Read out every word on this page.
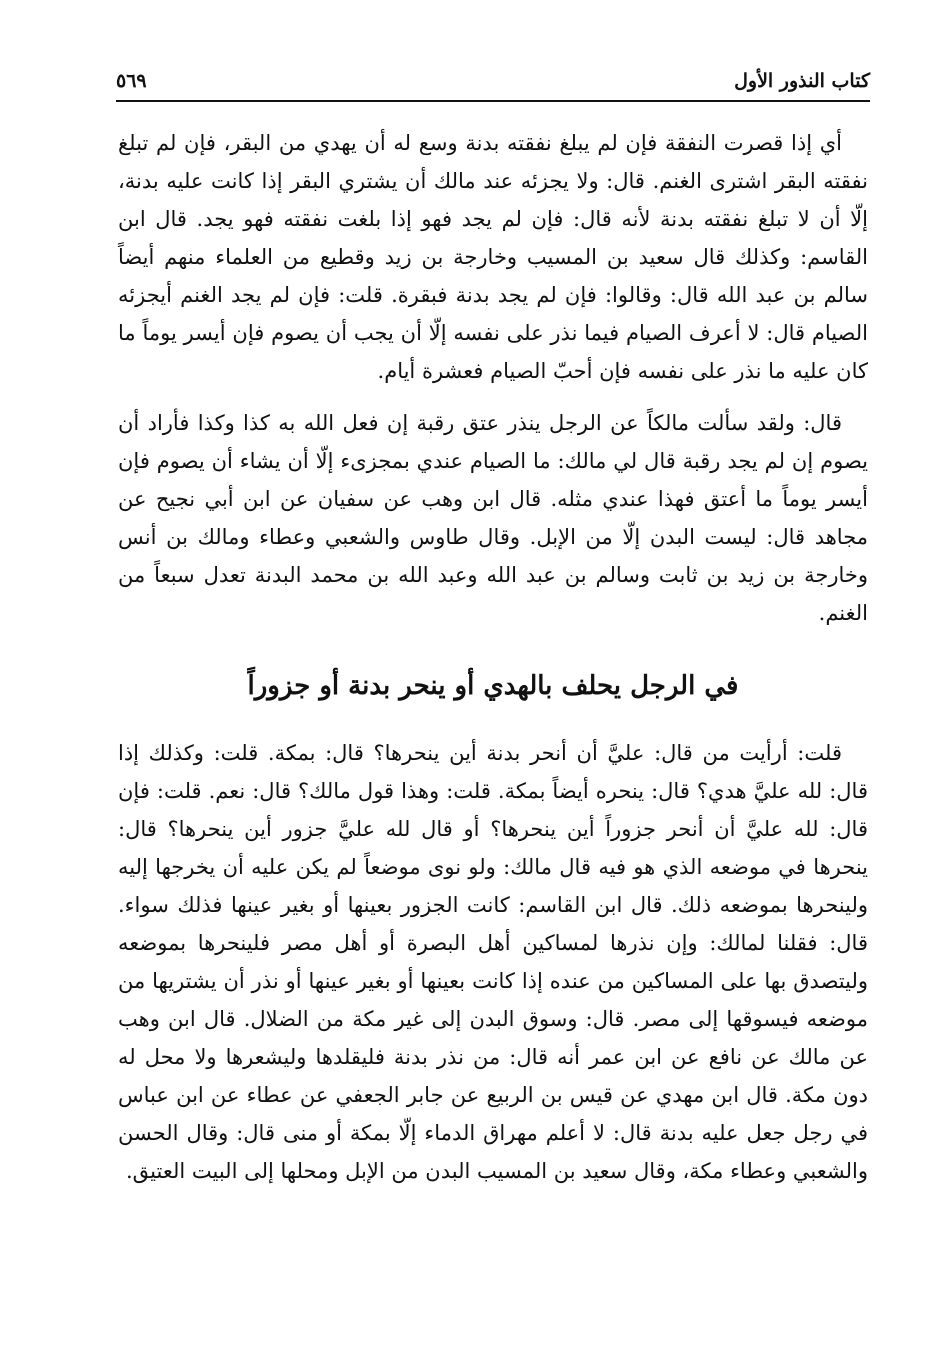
كتاب النذور الأول
٥٦٩

أي إذا قصرت النفقة فإن لم يبلغ نفقته بدنة وسع له أن يهدي من البقر، فإن لم تبلغ نفقته البقر اشترى الغنم. قال: ولا يجزئه عند مالك أن يشتري البقر إذا كانت عليه بدنة، إلّا أن لا تبلغ نفقته بدنة لأنه قال: فإن لم يجد فهو إذا بلغت نفقته فهو يجد. قال ابن القاسم: وكذلك قال سعيد بن المسيب وخارجة بن زيد وقطيع من العلماء منهم أيضاً سالم بن عبد الله قال: وقالوا: فإن لم يجد بدنة فبقرة. قلت: فإن لم يجد الغنم أيجزئه الصيام قال: لا أعرف الصيام فيما نذر على نفسه إلّا أن يجب أن يصوم فإن أيسر يوماً ما كان عليه ما نذر على نفسه فإن أحبّ الصيام فعشرة أيام.

قال: ولقد سألت مالكاً عن الرجل ينذر عتق رقبة إن فعل الله به كذا وكذا فأراد أن يصوم إن لم يجد رقبة قال لي مالك: ما الصيام عندي بمجزىء إلّا أن يشاء أن يصوم فإن أيسر يوماً ما أعتق فهذا عندي مثله. قال ابن وهب عن سفيان عن ابن أبي نجيح عن مجاهد قال: ليست البدن إلّا من الإبل. وقال طاوس والشعبي وعطاء ومالك بن أنس وخارجة بن زيد بن ثابت وسالم بن عبد الله وعبد الله بن محمد البدنة تعدل سبعاً من الغنم.

في الرجل يحلف بالهدي أو ينحر بدنة أو جزوراً

قلت: أرأيت من قال: عليَّ أن أنحر بدنة أين ينحرها؟ قال: بمكة. قلت: وكذلك إذا قال: لله عليَّ هدي؟ قال: ينحره أيضاً بمكة. قلت: وهذا قول مالك؟ قال: نعم. قلت: فإن قال: لله عليَّ أن أنحر جزوراً أين ينحرها؟ أو قال لله عليَّ جزور أين ينحرها؟ قال: ينحرها في موضعه الذي هو فيه قال مالك: ولو نوى موضعاً لم يكن عليه أن يخرجها إليه ولينحرها بموضعه ذلك. قال ابن القاسم: كانت الجزور بعينها أو بغير عينها فذلك سواء. قال: فقلنا لمالك: وإن نذرها لمساكين أهل البصرة أو أهل مصر فلينحرها بموضعه وليتصدق بها على المساكين من عنده إذا كانت بعينها أو بغير عينها أو نذر أن يشتريها من موضعه فيسوقها إلى مصر. قال: وسوق البدن إلى غير مكة من الضلال. قال ابن وهب عن مالك عن نافع عن ابن عمر أنه قال: من نذر بدنة فليقلدها وليشعرها ولا محل له دون مكة. قال ابن مهدي عن قيس بن الربيع عن جابر الجعفي عن عطاء عن ابن عباس في رجل جعل عليه بدنة قال: لا أعلم مهراق الدماء إلّا بمكة أو منى قال: وقال الحسن والشعبي وعطاء مكة، وقال سعيد بن المسيب البدن من الإبل ومحلها إلى البيت العتيق.
